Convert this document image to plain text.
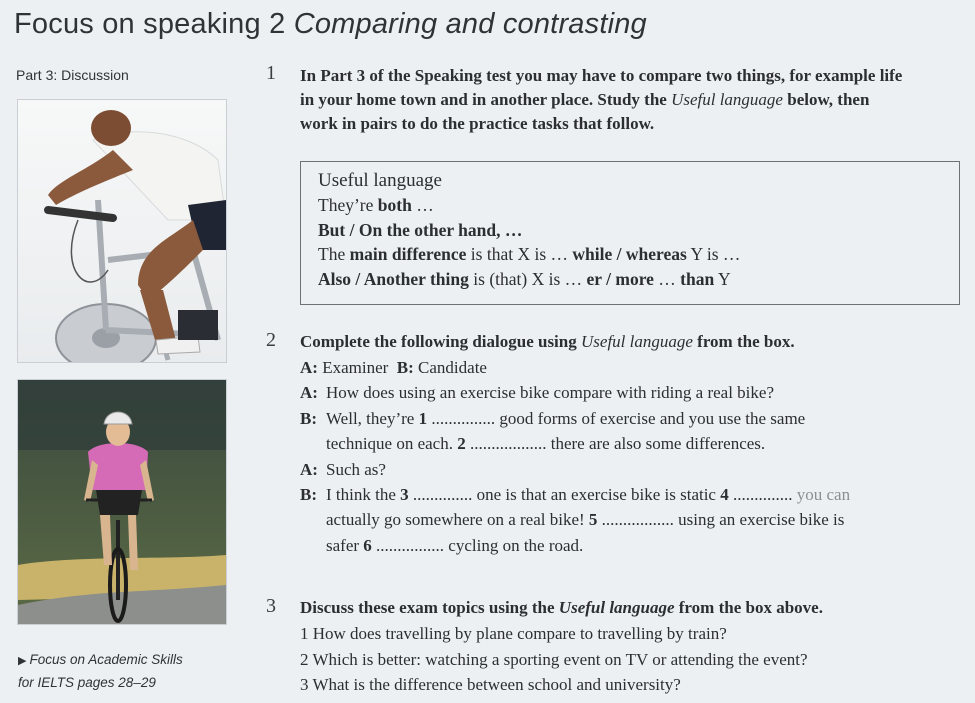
Focus on speaking 2 Comparing and contrasting
Part 3: Discussion
▶ Focus on Academic Skills
for IELTS pages 28–29
1 In Part 3 of the Speaking test you may have to compare two things, for example life in your home town and in another place. Study the Useful language below, then work in pairs to do the practice tasks that follow.
Useful language
They’re both …
But / On the other hand, …
The main difference is that X is … while / whereas Y is …
Also / Another thing is (that) X is … er / more … than Y
2 Complete the following dialogue using Useful language from the box.
A: Examiner B: Candidate
A: How does using an exercise bike compare with riding a real bike?
B: Well, they’re 1 ............... good forms of exercise and you use the same
technique on each. 2 .................. there are also some differences.
A: Such as?
B: I think the 3 .............. one is that an exercise bike is static 4 .............. you can
actually go somewhere on a real bike! 5 ................. using an exercise bike is
safer 6 ................ cycling on the road.
3 Discuss these exam topics using the Useful language from the box above.
1 How does travelling by plane compare to travelling by train?
2 Which is better: watching a sporting event on TV or attending the event?
3 What is the difference between school and university?
